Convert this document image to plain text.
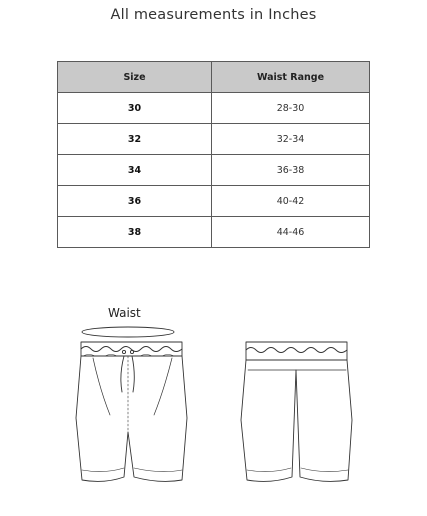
All measurements in Inches
Size	Waist Range
30	28-30
32	32-34
34	36-38
36	40-42
38	44-46
Waist
